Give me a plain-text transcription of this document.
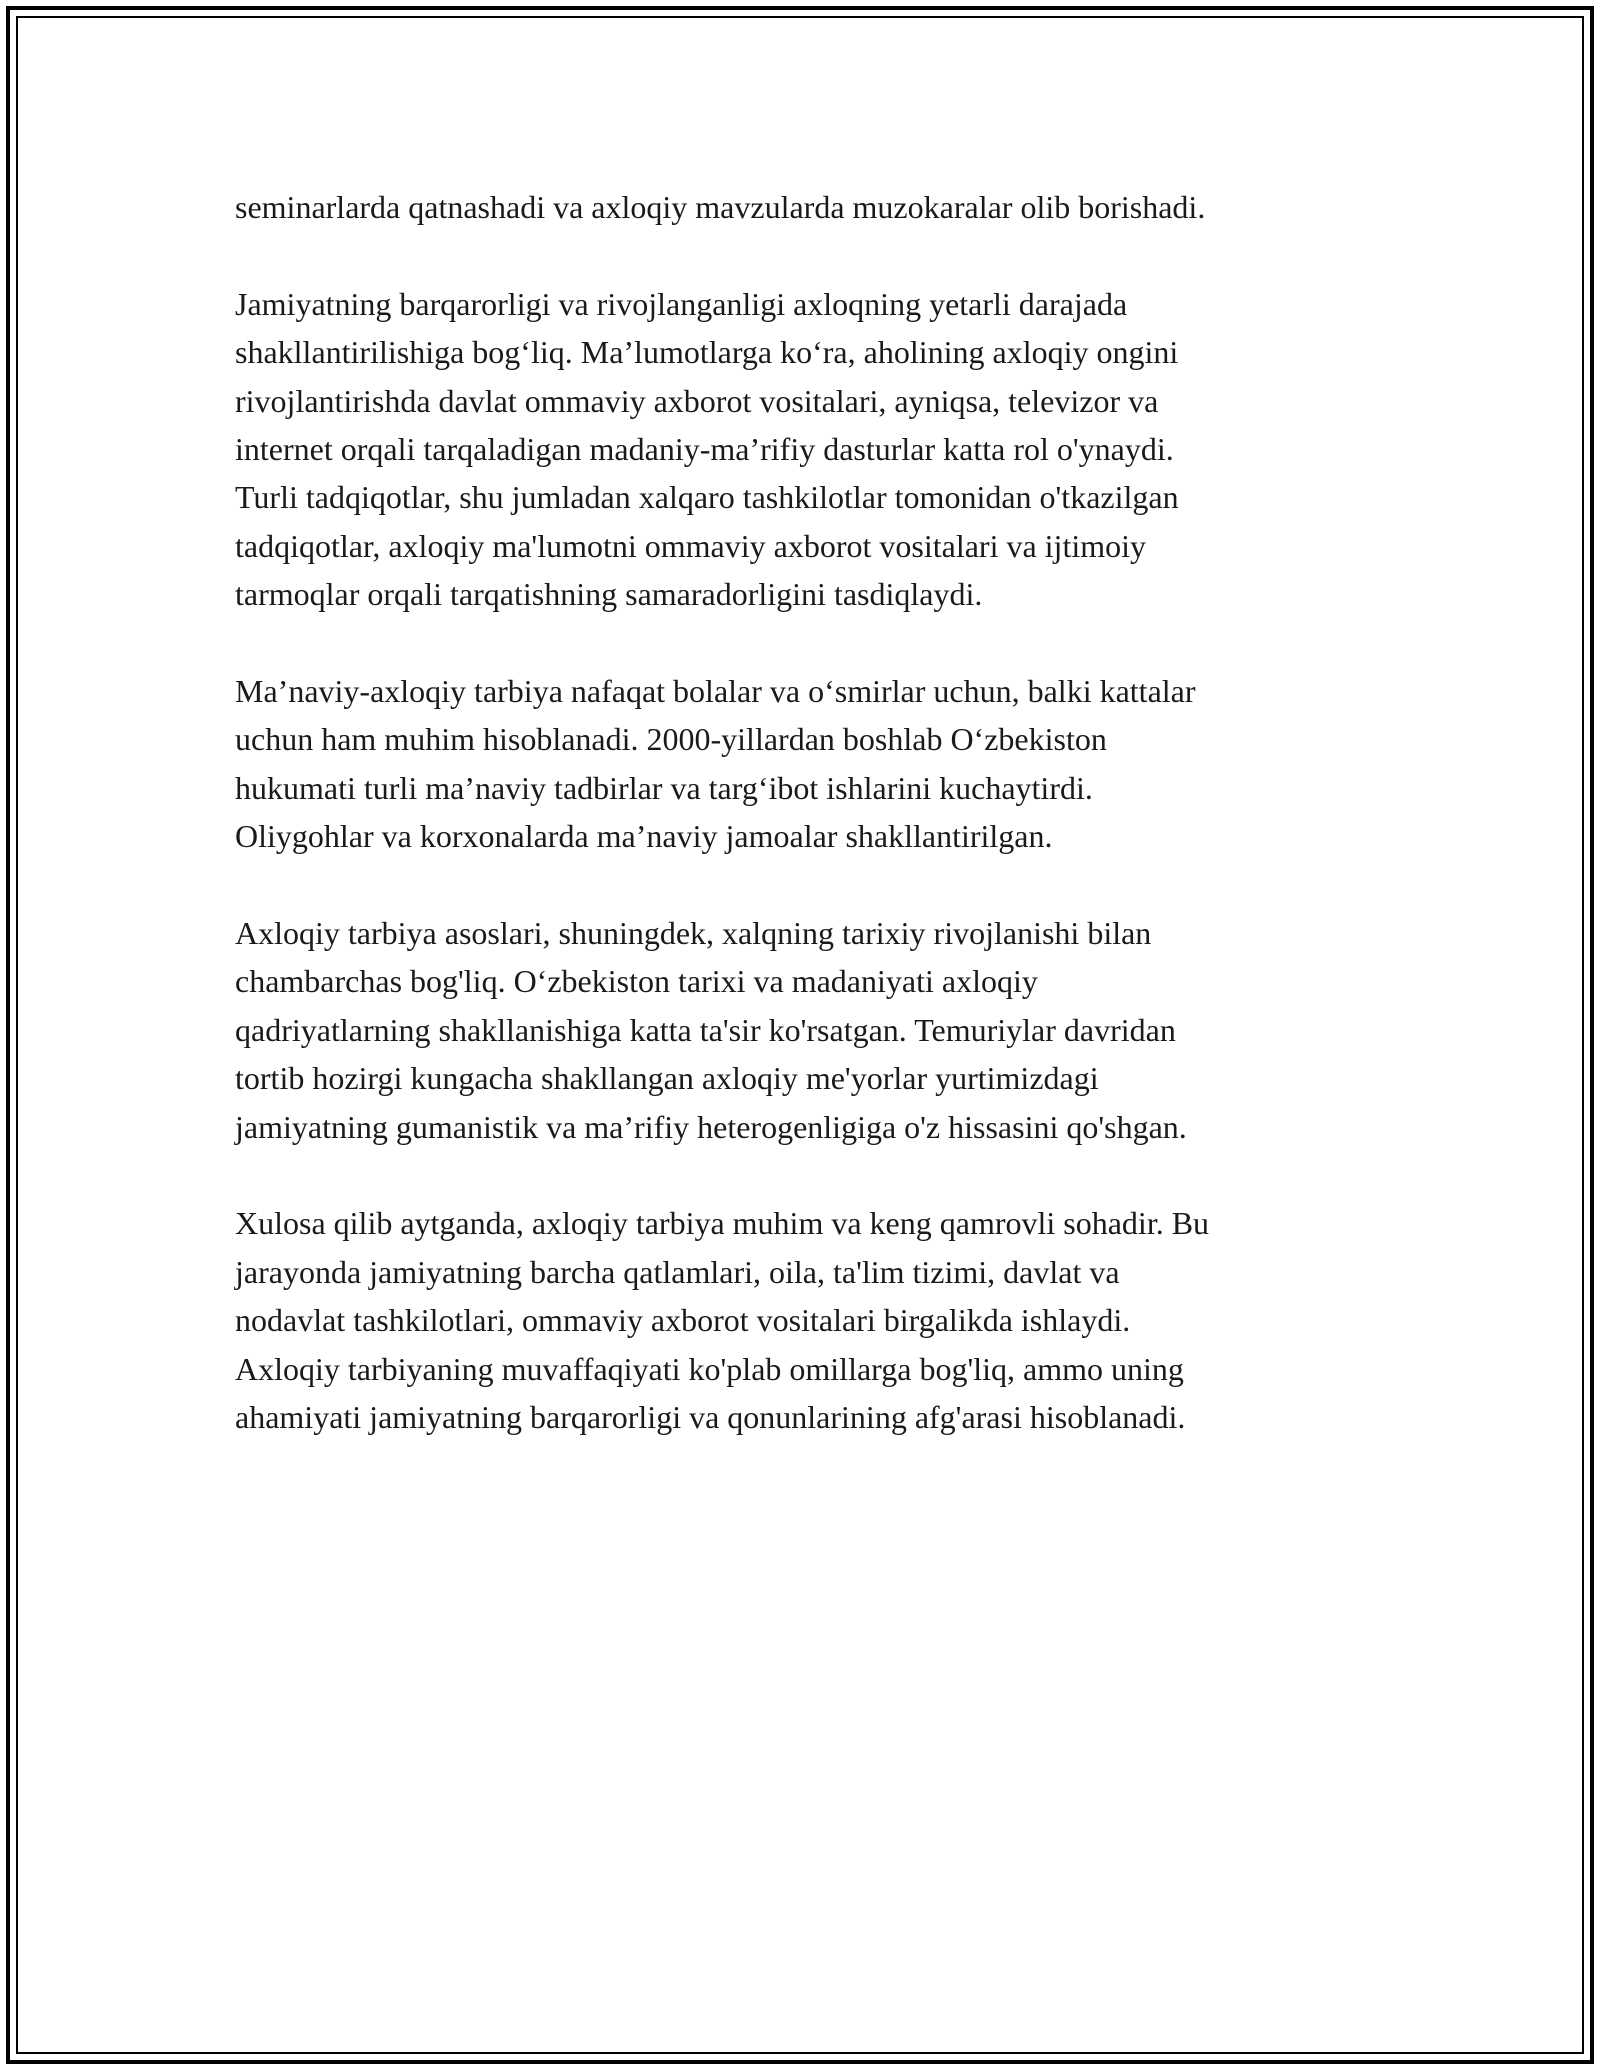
seminarlarda qatnashadi va axloqiy mavzularda muzokaralar olib borishadi.

Jamiyatning barqarorligi va rivojlanganligi axloqning yetarli darajada
shakllantirilishiga bog‘liq. Ma’lumotlarga ko‘ra, aholining axloqiy ongini
rivojlantirishda davlat ommaviy axborot vositalari, ayniqsa, televizor va
internet orqali tarqaladigan madaniy-ma’rifiy dasturlar katta rol o'ynaydi.
Turli tadqiqotlar, shu jumladan xalqaro tashkilotlar tomonidan o'tkazilgan
tadqiqotlar, axloqiy ma'lumotni ommaviy axborot vositalari va ijtimoiy
tarmoqlar orqali tarqatishning samaradorligini tasdiqlaydi.

Ma’naviy-axloqiy tarbiya nafaqat bolalar va o‘smirlar uchun, balki kattalar
uchun ham muhim hisoblanadi. 2000-yillardan boshlab O‘zbekiston
hukumati turli ma’naviy tadbirlar va targ‘ibot ishlarini kuchaytirdi.
Oliygohlar va korxonalarda ma’naviy jamoalar shakllantirilgan.

Axloqiy tarbiya asoslari, shuningdek, xalqning tarixiy rivojlanishi bilan
chambarchas bog'liq. O‘zbekiston tarixi va madaniyati axloqiy
qadriyatlarning shakllanishiga katta ta'sir ko'rsatgan. Temuriylar davridan
tortib hozirgi kungacha shakllangan axloqiy me'yorlar yurtimizdagi
jamiyatning gumanistik va ma’rifiy heterogenligiga o'z hissasini qo'shgan.

Xulosa qilib aytganda, axloqiy tarbiya muhim va keng qamrovli sohadir. Bu
jarayonda jamiyatning barcha qatlamlari, oila, ta'lim tizimi, davlat va
nodavlat tashkilotlari, ommaviy axborot vositalari birgalikda ishlaydi.
Axloqiy tarbiyaning muvaffaqiyati ko'plab omillarga bog'liq, ammo uning
ahamiyati jamiyatning barqarorligi va qonunlarining afg'arasi hisoblanadi.
